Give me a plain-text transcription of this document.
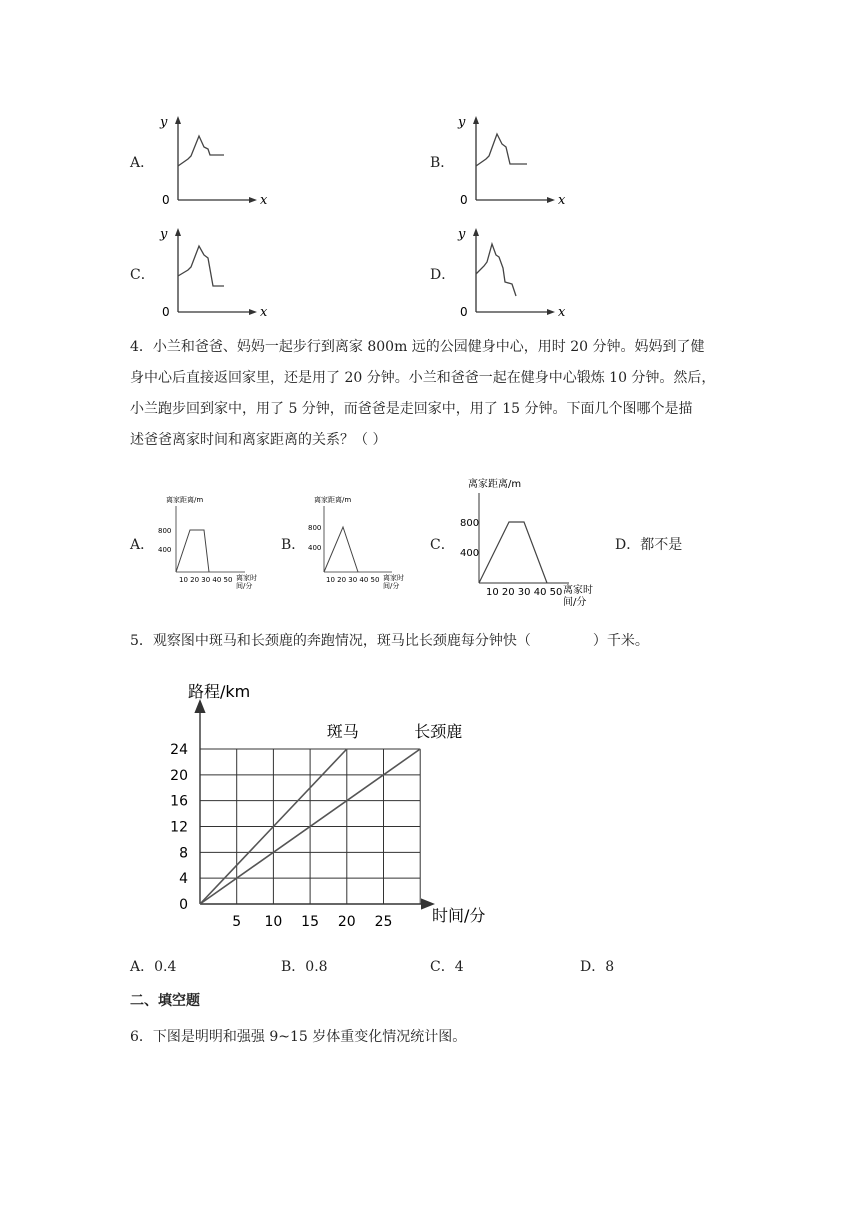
A．
y
x
0
B．
y
x
0
C．
y
x
0
D．
y
x
0
4．小兰和爸爸、妈妈一起步行到离家 800m 远的公园健身中心，用时 20 分钟。妈妈到了健
身中心后直接返回家里，还是用了 20 分钟。小兰和爸爸一起在健身中心锻炼 10 分钟。然后，
小兰跑步回到家中，用了 5 分钟，而爸爸是走回家中，用了 15 分钟。下面几个图哪个是描
述爸爸离家时间和离家距离的关系？（ ）
A．
离家距离/m
800
400
10 20 30 40 50 离家时
间/分
B．
离家距离/m
800
400
10 20 30 40 50 离家时
间/分
C．
离家距离/m
800
400
10 20 30 40 50 离家时
间/分
D．都不是
5．观察图中斑马和长颈鹿的奔跑情况，斑马比长颈鹿每分钟快（	）千米。
5 10 15 20 25
0
4
8
12
16
20
24
斑马	长颈鹿
路程/km
时间/分
A．0.4	B．0.8	C．4	D．8
二、填空题
6．下图是明明和强强 9~15 岁体重变化情况统计图。
